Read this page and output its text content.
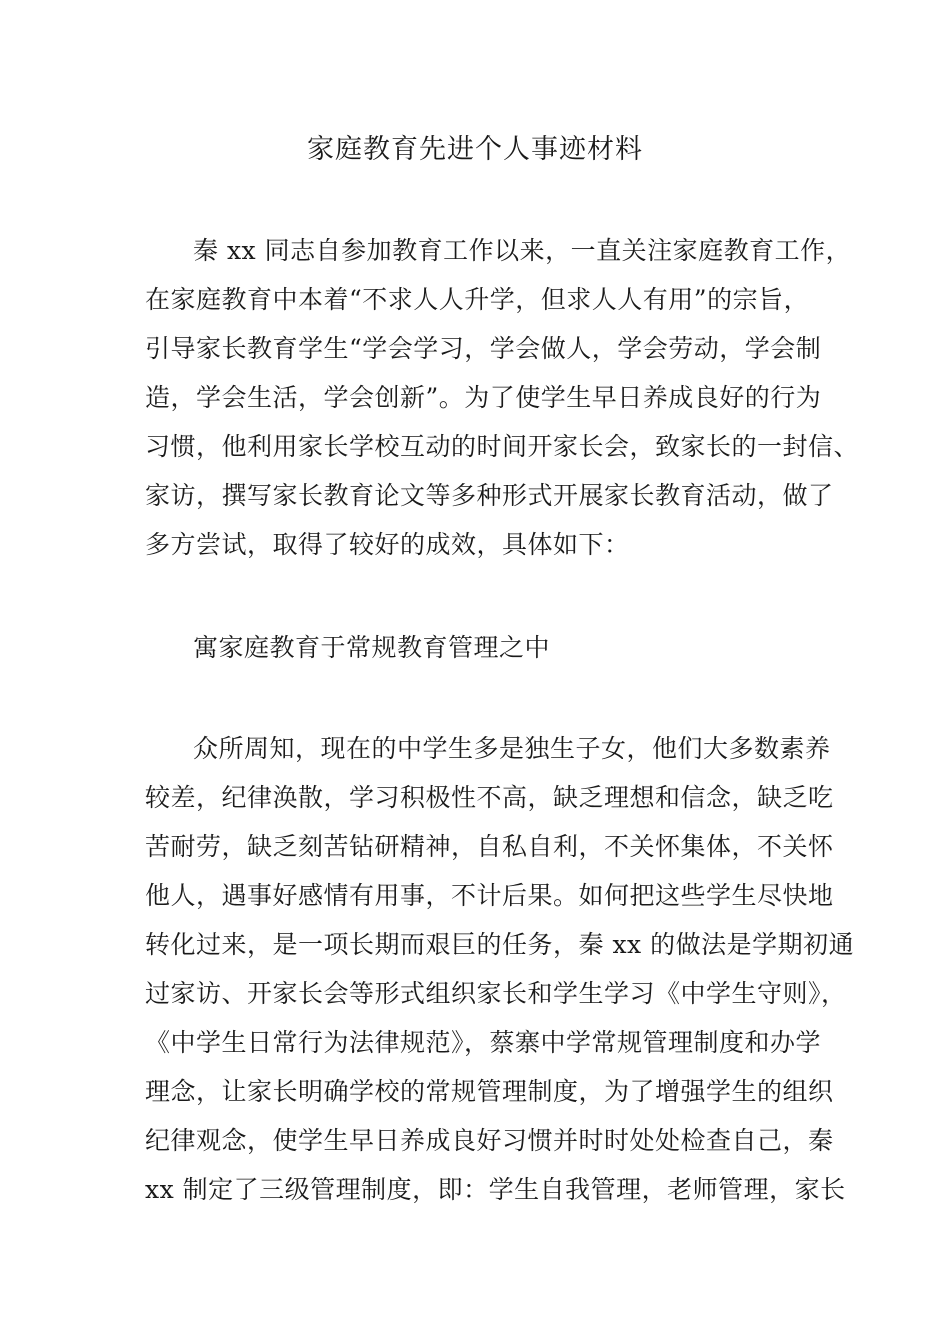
家庭教育先进个人事迹材料
秦 xx 同志自参加教育工作以来，一直关注家庭教育工作，
在家庭教育中本着“不求人人升学，但求人人有用”的宗旨，
引导家长教育学生“学会学习，学会做人，学会劳动，学会制
造，学会生活，学会创新”。为了使学生早日养成良好的行为
习惯，他利用家长学校互动的时间开家长会，致家长的一封信、
家访，撰写家长教育论文等多种形式开展家长教育活动，做了
多方尝试，取得了较好的成效，具体如下：
寓家庭教育于常规教育管理之中
众所周知，现在的中学生多是独生子女，他们大多数素养
较差，纪律涣散，学习积极性不高，缺乏理想和信念，缺乏吃
苦耐劳，缺乏刻苦钻研精神，自私自利，不关怀集体，不关怀
他人，遇事好感情有用事，不计后果。如何把这些学生尽快地
转化过来，是一项长期而艰巨的任务，秦 xx 的做法是学期初通
过家访、开家长会等形式组织家长和学生学习《中学生守则》，
《中学生日常行为法律规范》，蔡寨中学常规管理制度和办学
理念，让家长明确学校的常规管理制度，为了增强学生的组织
纪律观念，使学生早日养成良好习惯并时时处处检查自己，秦
xx 制定了三级管理制度，即：学生自我管理，老师管理，家长
